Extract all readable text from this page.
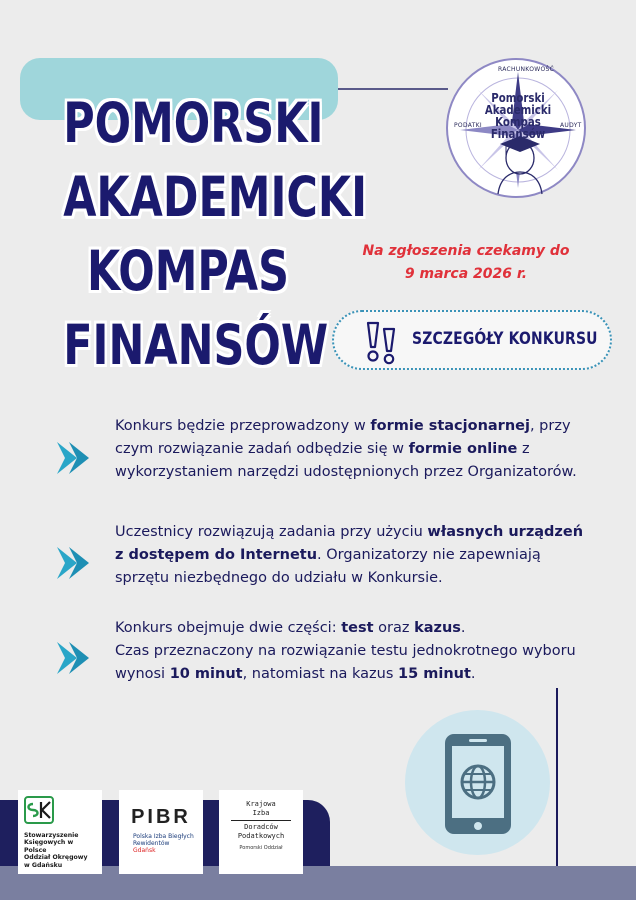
POMORSKI
AKADEMICKI
KOMPAS
FINANSÓW
RACHUNKOWOŚĆ
PODATKI	AUDYT
Pomorski
Akademicki
Kompas
Finansów
Na zgłoszenia czekamy do
9 marca 2026 r.
SZCZEGÓŁY KONKURSU
Konkurs będzie przeprowadzony w formie stacjonarnej, przy czym rozwiązanie zadań odbędzie się w formie online z wykorzystaniem narzędzi udostępnionych przez Organizatorów.
Uczestnicy rozwiązują zadania przy użyciu własnych urządzeń z dostępem do Internetu. Organizatorzy nie zapewniają sprzętu niezbędnego do udziału w Konkursie.
Konkurs obejmuje dwie części: test oraz kazus.
Czas przeznaczony na rozwiązanie testu jednokrotnego wyboru wynosi 10 minut, natomiast na kazus 15 minut.
Stowarzyszenie
Księgowych w Polsce
Oddział Okręgowy
w Gdańsku
PIBR
Polska Izba Biegłych
Rewidentów
Gdańsk
Krajowa
Izba
Doradców
Podatkowych
Pomorski Oddział
